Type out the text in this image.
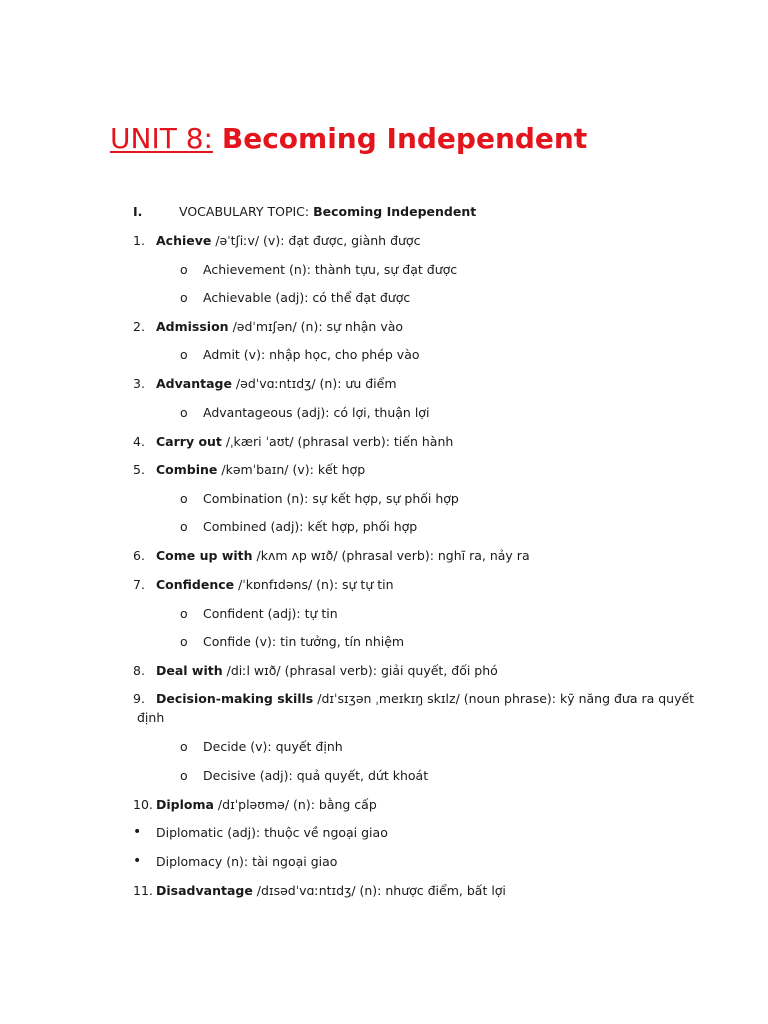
UNIT 8: Becoming Independent
I.	VOCABULARY TOPIC: Becoming Independent
1. Achieve /əˈtʃiːv/ (v): đạt được, giành được
o Achievement (n): thành tựu, sự đạt được
o Achievable (adj): có thể đạt được
2. Admission /ədˈmɪʃən/ (n): sự nhận vào
o Admit (v): nhập học, cho phép vào
3. Advantage /ədˈvɑːntɪdʒ/ (n): ưu điểm
o Advantageous (adj): có lợi, thuận lợi
4. Carry out /ˌkæri ˈaʊt/ (phrasal verb): tiến hành
5. Combine /kəmˈbaɪn/ (v): kết hợp
o Combination (n): sự kết hợp, sự phối hợp
o Combined (adj): kết hợp, phối hợp
6. Come up with /kʌm ʌp wɪð/ (phrasal verb): nghĩ ra, nảy ra
7. Confidence /ˈkɒnfɪdəns/ (n): sự tự tin
o Confident (adj): tự tin
o Confide (v): tin tưởng, tín nhiệm
8. Deal with /diːl wɪð/ (phrasal verb): giải quyết, đối phó
9. Decision-making skills /dɪˈsɪʒən ˌmeɪkɪŋ skɪlz/ (noun phrase): kỹ năng đưa ra quyết
định
o Decide (v): quyết định
o Decisive (adj): quả quyết, dứt khoát
10. Diploma /dɪˈpləʊmə/ (n): bằng cấp
• Diplomatic (adj): thuộc về ngoại giao
• Diplomacy (n): tài ngoại giao
11. Disadvantage /dɪsədˈvɑːntɪdʒ/ (n): nhược điểm, bất lợi
